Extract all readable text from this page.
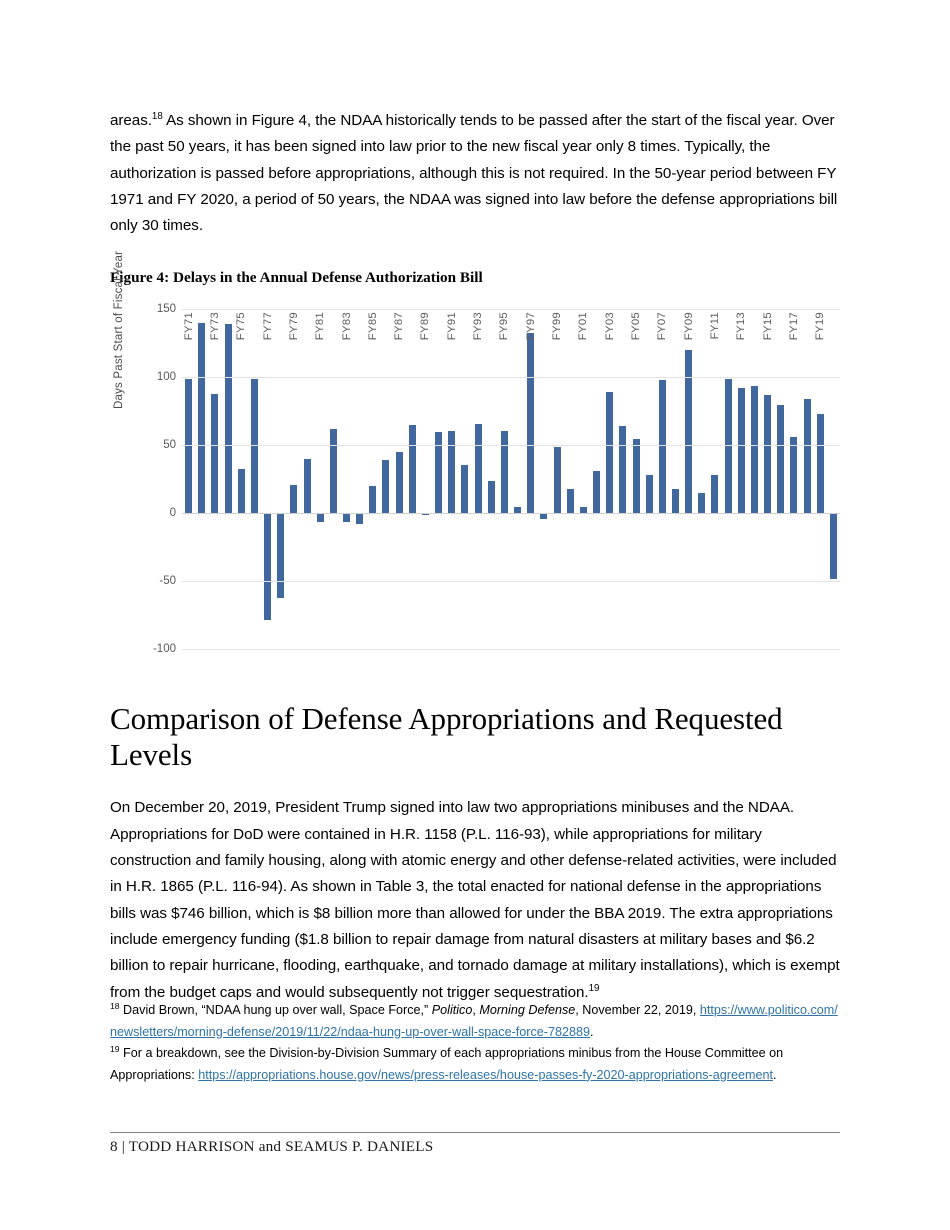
areas.$^{18}$ As shown in Figure 4, the NDAA historically tends to be passed after the start of the fiscal year. Over the past 50 years, it has been signed into law prior to the new fiscal year only 8 times. Typically, the authorization is passed before appropriations, although this is not required. In the 50-year period between FY 1971 and FY 2020, a period of 50 years, the NDAA was signed into law before the defense appropriations bill only 30 times.

Figure 4: Delays in the Annual Defense Authorization Bill
Days Past Start of Fiscal Year	150
100
50
0
-50
-100
FY71 FY73 FY75 FY77 FY79 FY81 FY83 FY85 FY87 FY89 FY91 FY93 FY95 FY97 FY99 FY01 FY03 FY05 FY07 FY09 FY11 FY13 FY15 FY17 FY19
Comparison of Defense Appropriations and Requested Levels

On December 20, 2019, President Trump signed into law two appropriations minibuses and the NDAA. Appropriations for DoD were contained in H.R. 1158 (P.L. 116-93), while appropriations for military construction and family housing, along with atomic energy and other defense-related activities, were included in H.R. 1865 (P.L. 116-94). As shown in Table 3, the total enacted for national defense in the appropriations bills was $746 billion, which is $8 billion more than allowed for under the BBA 2019. The extra appropriations include emergency funding ($1.8 billion to repair damage from natural disasters at military bases and $6.2 billion to repair hurricane, flooding, earthquake, and tornado damage at military installations), which is exempt from the budget caps and would subsequently not trigger sequestration.$^{19}$

$^{18}$ David Brown, “NDAA hung up over wall, Space Force,” Politico, Morning Defense, November 22, 2019, https://www.politico.com/newsletters/morning-defense/2019/11/22/ndaa-hung-up-over-wall-space-force-782889.

$^{19}$ For a breakdown, see the Division-by-Division Summary of each appropriations minibus from the House Committee on Appropriations: https://appropriations.house.gov/news/press-releases/house-passes-fy-2020-appropriations-agreement.

8 | TODD HARRISON and SEAMUS P. DANIELS
